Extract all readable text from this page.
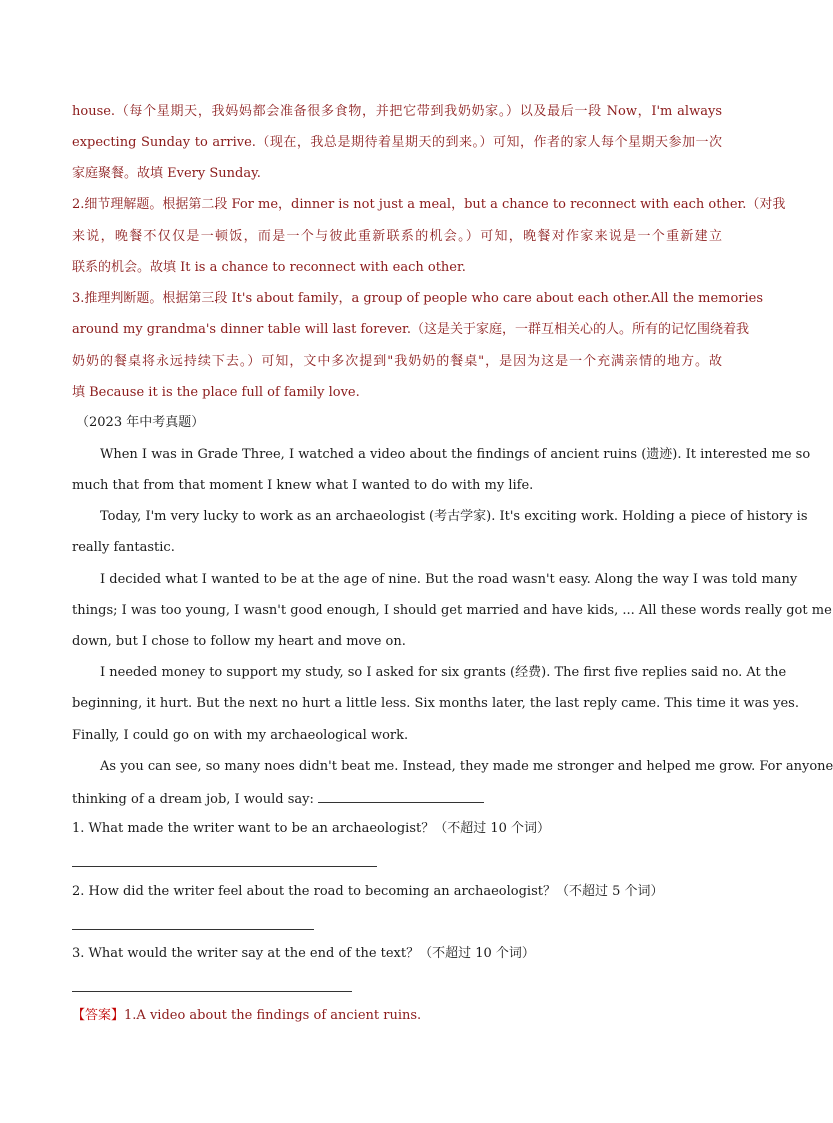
house.（每个星期天，我妈妈都会准备很多食物，并把它带到我奶奶家。）以及最后一段 Now，I'm always
expecting Sunday to arrive.（现在，我总是期待着星期天的到来。）可知，作者的家人每个星期天参加一次
家庭聚餐。故填 Every Sunday.
2.细节理解题。根据第二段 For me，dinner is not just a meal，but a chance to reconnect with each other.（对我
来说，晚餐不仅仅是一顿饭，而是一个与彼此重新联系的机会。）可知，晚餐对作家来说是一个重新建立
联系的机会。故填 It is a chance to reconnect with each other.
3.推理判断题。根据第三段 It's about family，a group of people who care about each other.All the memories
around my grandma's dinner table will last forever.（这是关于家庭，一群互相关心的人。所有的记忆围绕着我
奶奶的餐桌将永远持续下去。）可知，文中多次提到"我奶奶的餐桌"，是因为这是一个充满亲情的地方。故
填 Because it is the place full of family love.
（2023 年中考真题）
When I was in Grade Three, I watched a video about the findings of ancient ruins (遗迹). It interested me so
much that from that moment I knew what I wanted to do with my life.
Today, I'm very lucky to work as an archaeologist (考古学家). It's exciting work. Holding a piece of history is
really fantastic.
I decided what I wanted to be at the age of nine. But the road wasn't easy. Along the way I was told many
things; I was too young, I wasn't good enough, I should get married and have kids, ... All these words really got me
down, but I chose to follow my heart and move on.
I needed money to support my study, so I asked for six grants (经费). The first five replies said no. At the
beginning, it hurt. But the next no hurt a little less. Six months later, the last reply came. This time it was yes.
Finally, I could go on with my archaeological work.
As you can see, so many noes didn't beat me. Instead, they made me stronger and helped me grow. For anyone
thinking of a dream job, I would say:
1. What made the writer want to be an archaeologist？（不超过 10 个词）
2. How did the writer feel about the road to becoming an archaeologist？（不超过 5 个词）
3. What would the writer say at the end of the text？（不超过 10 个词）
【答案】1.A video about the findings of ancient ruins.
